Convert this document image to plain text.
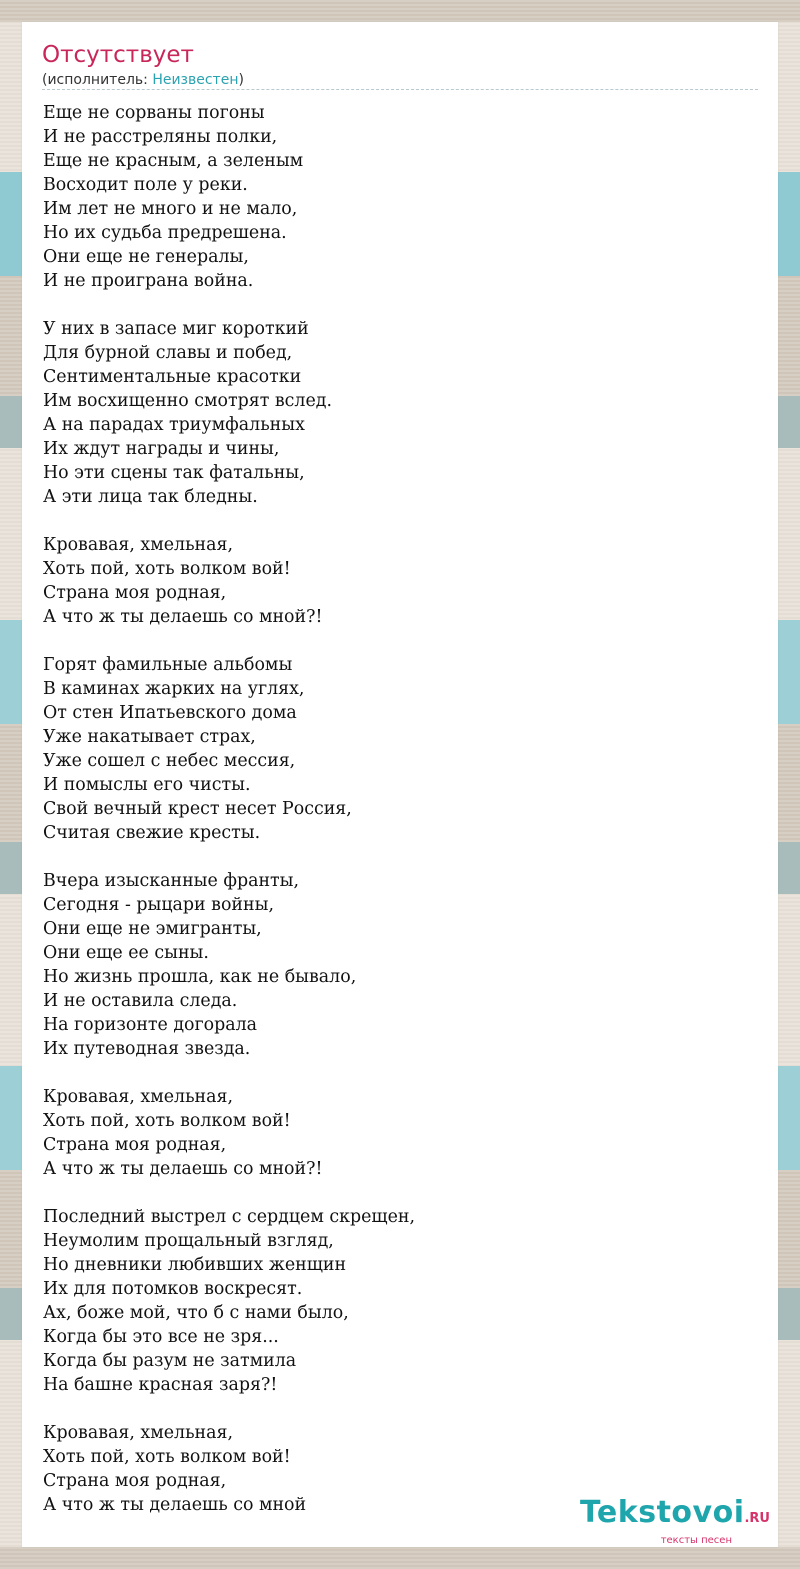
Отсутствует
(исполнитель: Неизвестен)
Еще не сорваны погоны
И не расстреляны полки,
Еще не красным, а зеленым
Восходит поле у реки.
Им лет не много и не мало,
Но их судьба предрешена.
Они еще не генералы,
И не проиграна война.
У них в запасе миг короткий
Для бурной славы и побед,
Сентиментальные красотки
Им восхищенно смотрят вслед.
А на парадах триумфальных
Их ждут награды и чины,
Но эти сцены так фатальны,
А эти лица так бледны.
Кровавая, хмельная,
Хоть пой, хоть волком вой!
Страна моя родная,
А что ж ты делаешь со мной?!
Горят фамильные альбомы
В каминах жарких на углях,
От стен Ипатьевского дома
Уже накатывает страх,
Уже сошел с небес мессия,
И помыслы его чисты.
Свой вечный крест несет Россия,
Считая свежие кресты.
Вчера изысканные франты,
Сегодня - рыцари войны,
Они еще не эмигранты,
Они еще ее сыны.
Но жизнь прошла, как не бывало,
И не оставила следа.
На горизонте догорала
Их путеводная звезда.
Кровавая, хмельная,
Хоть пой, хоть волком вой!
Страна моя родная,
А что ж ты делаешь со мной?!
Последний выстрел с сердцем скрещен,
Неумолим прощальный взгляд,
Но дневники любивших женщин
Их для потомков воскресят.
Ах, боже мой, что б с нами было,
Когда бы это все не зря...
Когда бы разум не затмила
На башне красная заря?!
Кровавая, хмельная,
Хоть пой, хоть волком вой!
Страна моя родная,
А что ж ты делаешь со мной	Tekstovoi.RU
тексты песен
